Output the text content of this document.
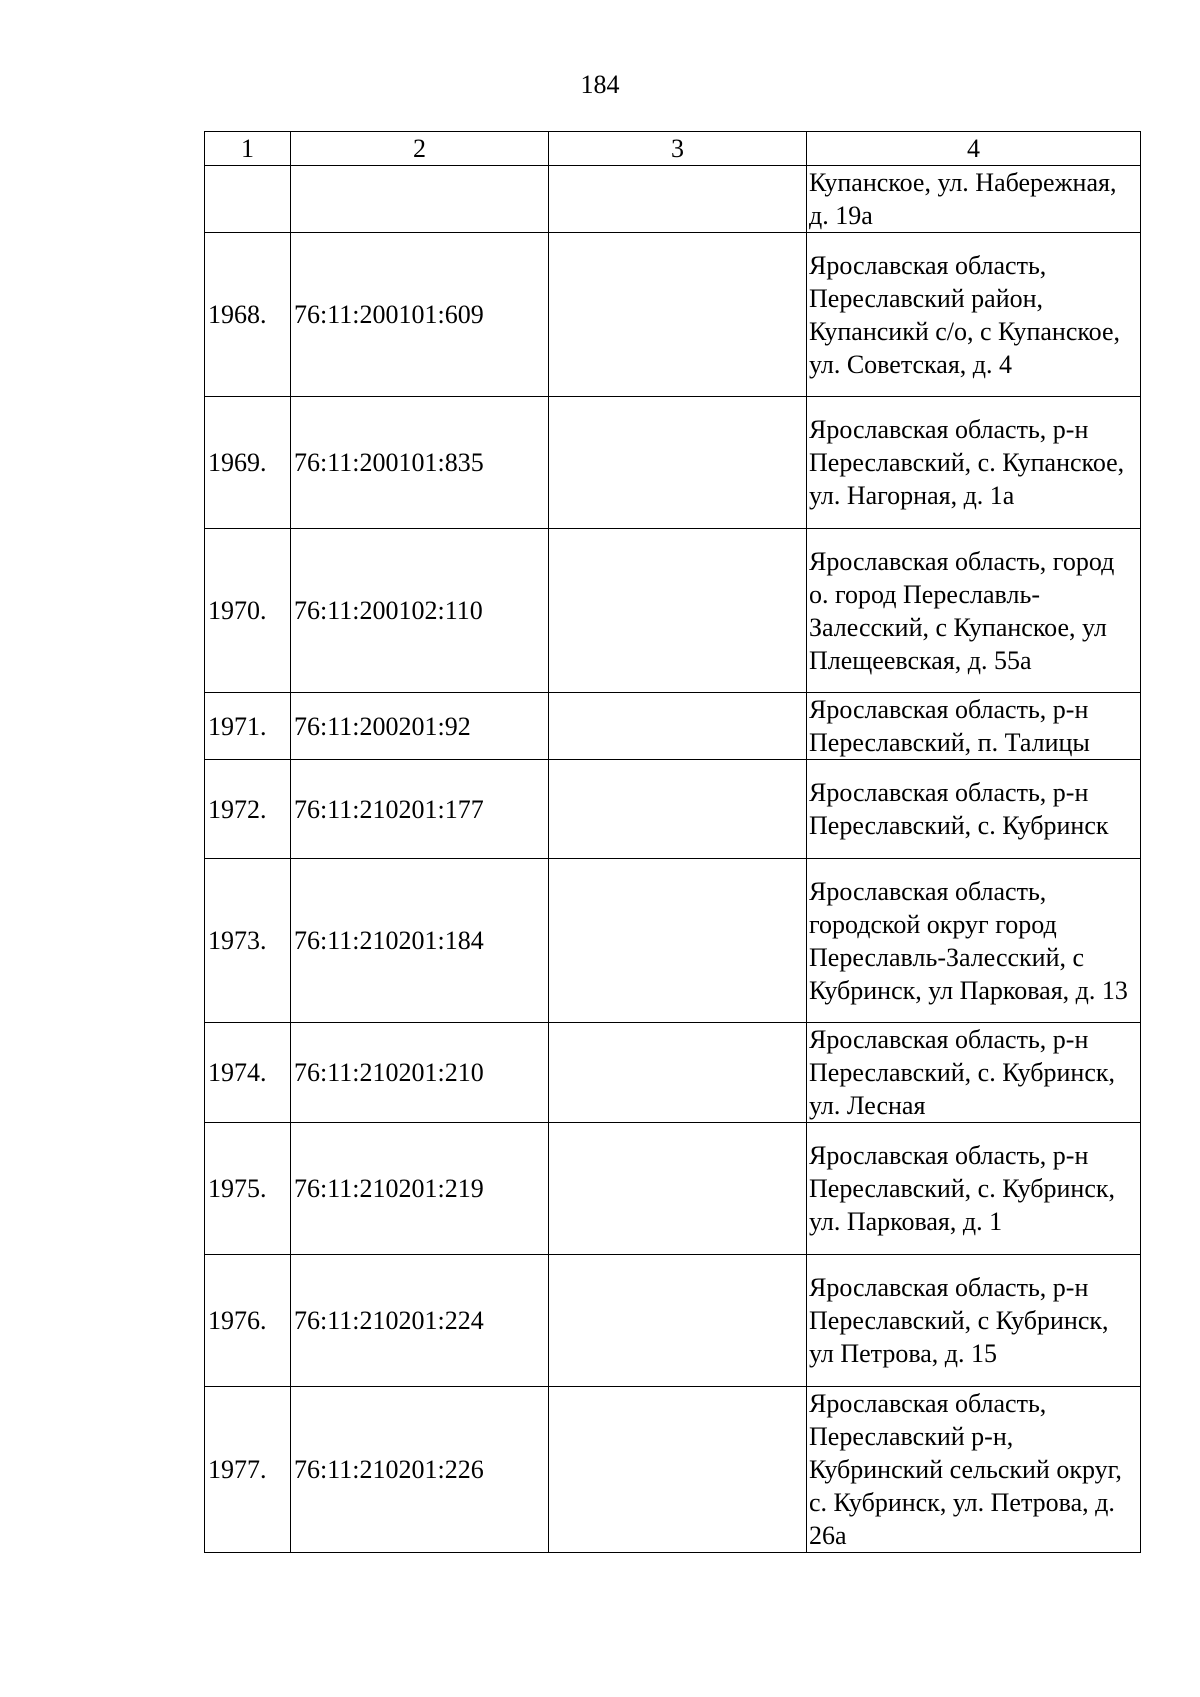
184
1	2	3	4
			Купанское, ул. Набережная, д. 19а
1968.	76:11:200101:609		Ярославская область, Переславский район, Купансикй с/о, с Купанское, ул. Советская, д. 4
1969.	76:11:200101:835		Ярославская область, р-н Переславский, с. Купанское, ул. Нагорная, д. 1а
1970.	76:11:200102:110		Ярославская область, город о. город Переславль-Залесский, с Купанское, ул Плещеевская, д. 55а
1971.	76:11:200201:92		Ярославская область, р-н Переславский, п. Талицы
1972.	76:11:210201:177		Ярославская область, р-н Переславский, с. Кубринск
1973.	76:11:210201:184		Ярославская область, городской округ город Переславль-Залесский, с Кубринск, ул Парковая, д. 13
1974.	76:11:210201:210		Ярославская область, р-н Переславский, с. Кубринск, ул. Лесная
1975.	76:11:210201:219		Ярославская область, р-н Переславский, с. Кубринск, ул. Парковая, д. 1
1976.	76:11:210201:224		Ярославская область, р-н Переславский, с Кубринск, ул Петрова, д. 15
1977.	76:11:210201:226		Ярославская область, Переславский р-н, Кубринский сельский округ, с. Кубринск, ул. Петрова, д. 26а
